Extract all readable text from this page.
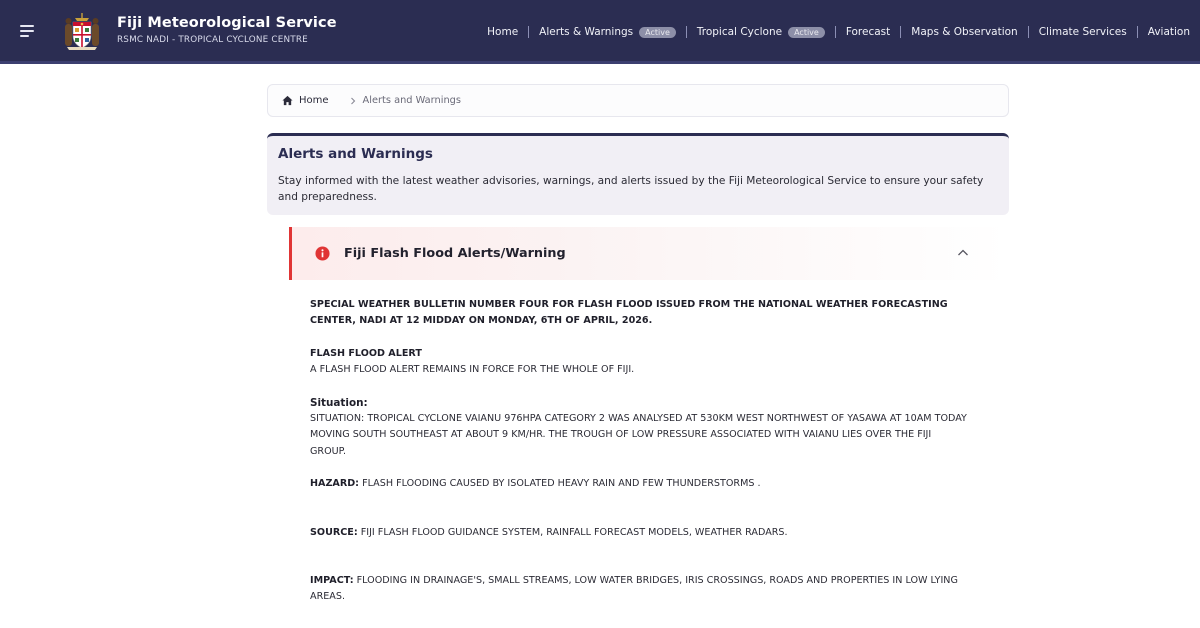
Fiji Meteorological Service
RSMC NADI - TROPICAL CYCLONE CENTRE
Home Alerts & Warnings	Active	Tropical Cyclone	Active	Forecast Maps & Observation Climate Services Aviation
Home	Alerts and Warnings
Alerts and Warnings
Stay informed with the latest weather advisories, warnings, and alerts issued by the Fiji Meteorological Service to ensure your safety and preparedness.
Fiji Flash Flood Alerts/Warning
SPECIAL WEATHER BULLETIN NUMBER FOUR FOR FLASH FLOOD ISSUED FROM THE NATIONAL WEATHER FORECASTING CENTER, NADI AT 12 MIDDAY ON MONDAY, 6TH OF APRIL, 2026.
FLASH FLOOD ALERT
A FLASH FLOOD ALERT REMAINS IN FORCE FOR THE WHOLE OF FIJI.
Situation:
SITUATION: TROPICAL CYCLONE VAIANU 976HPA CATEGORY 2 WAS ANALYSED AT 530KM WEST NORTHWEST OF YASAWA AT 10AM TODAY MOVING SOUTH SOUTHEAST AT ABOUT 9 KM/HR. THE TROUGH OF LOW PRESSURE ASSOCIATED WITH VAIANU LIES OVER THE FIJI GROUP.
HAZARD: FLASH FLOODING CAUSED BY ISOLATED HEAVY RAIN AND FEW THUNDERSTORMS .
SOURCE: FIJI FLASH FLOOD GUIDANCE SYSTEM, RAINFALL FORECAST MODELS, WEATHER RADARS.
IMPACT: FLOODING IN DRAINAGE'S, SMALL STREAMS, LOW WATER BRIDGES, IRIS CROSSINGS, ROADS AND PROPERTIES IN LOW LYING AREAS.
